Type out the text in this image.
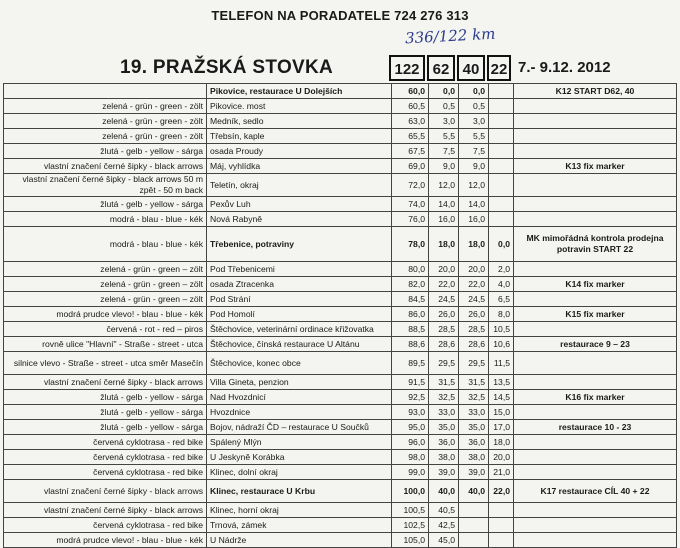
TELEFON NA PORADATELE 724 276 313
336/122 km
19. PRAŽSKÁ STOVKA	122 62 40 22 7.- 9.12. 2012
	Pikovice, restaurace U Dolejších	60,0	0,0	0,0		K12 START D62, 40
zelená - grün - green - zölt	Pikovice. most	60,5	0,5	0,5		
zelená - grün - green - zölt	Medník, sedlo	63,0	3,0	3,0		
zelená - grün - green - zölt	Třebsín, kaple	65,5	5,5	5,5		
žlutá - gelb - yellow - sárga	osada Proudy	67,5	7,5	7,5		
vlastní značení černé šipky - black arrows	Máj, vyhlídka	69,0	9,0	9,0		K13 fix marker
vlastní značení černé šipky - black arrows 50 m zpět - 50 m back	Teletín, okraj	72,0	12,0	12,0		
žlutá - gelb - yellow - sárga	Pexův Luh	74,0	14,0	14,0		
modrá - blau - blue - kék	Nová Rabyně	76,0	16,0	16,0		
modrá - blau - blue - kék	Třebenice, potraviny	78,0	18,0	18,0	0,0	MK mimořádná kontrola prodejna potravin START 22
zelená - grün - green – zölt	Pod Třebenicemi	80,0	20,0	20,0	2,0	
zelená - grün - green – zölt	osada Ztracenka	82,0	22,0	22,0	4,0	K14 fix marker
zelená - grün - green – zölt	Pod Strání	84,5	24,5	24,5	6,5	
modrá prudce vlevo! - blau - blue - kék	Pod Homolí	86,0	26,0	26,0	8,0	K15 fix marker
červená - rot - red – piros	Štěchovice, veterinární ordinace křižovatka	88,5	28,5	28,5	10,5	
rovně ulice "Hlavní" - Straße - street - utca	Štěchovice, čínská restaurace U Altánu	88,6	28,6	28,6	10,6	restaurace 9 – 23
silnice vlevo - Straße - street - utca směr Masečín	Štěchovice, konec obce	89,5	29,5	29,5	11,5	
vlastní značení černé šipky - black arrows	Villa Gineta, penzion	91,5	31,5	31,5	13,5	
žlutá - gelb - yellow - sárga	Nad Hvozdnicí	92,5	32,5	32,5	14,5	K16 fix marker
žlutá - gelb - yellow - sárga	Hvozdnice	93,0	33,0	33,0	15,0	
žlutá - gelb - yellow - sárga	Bojov, nádraží ČD – restaurace U Součků	95,0	35,0	35,0	17,0	restaurace 10 - 23
červená cyklotrasa - red bike	Spálený Mlýn	96,0	36,0	36,0	18,0	
červená cyklotrasa - red bike	U Jeskyně Korábka	98,0	38,0	38,0	20,0	
červená cyklotrasa - red bike	Klinec, dolní okraj	99,0	39,0	39,0	21,0	
vlastní značení černé šipky - black arrows	Klinec, restaurace U Krbu	100,0	40,0	40,0	22,0	K17 restaurace CÍL 40 + 22
vlastní značení černé šipky - black arrows	Klinec, horní okraj	100,5	40,5			
červená cyklotrasa - red bike	Trnová, zámek	102,5	42,5			
modrá prudce vlevo! - blau - blue - kék	U Nádrže	105,0	45,0			
